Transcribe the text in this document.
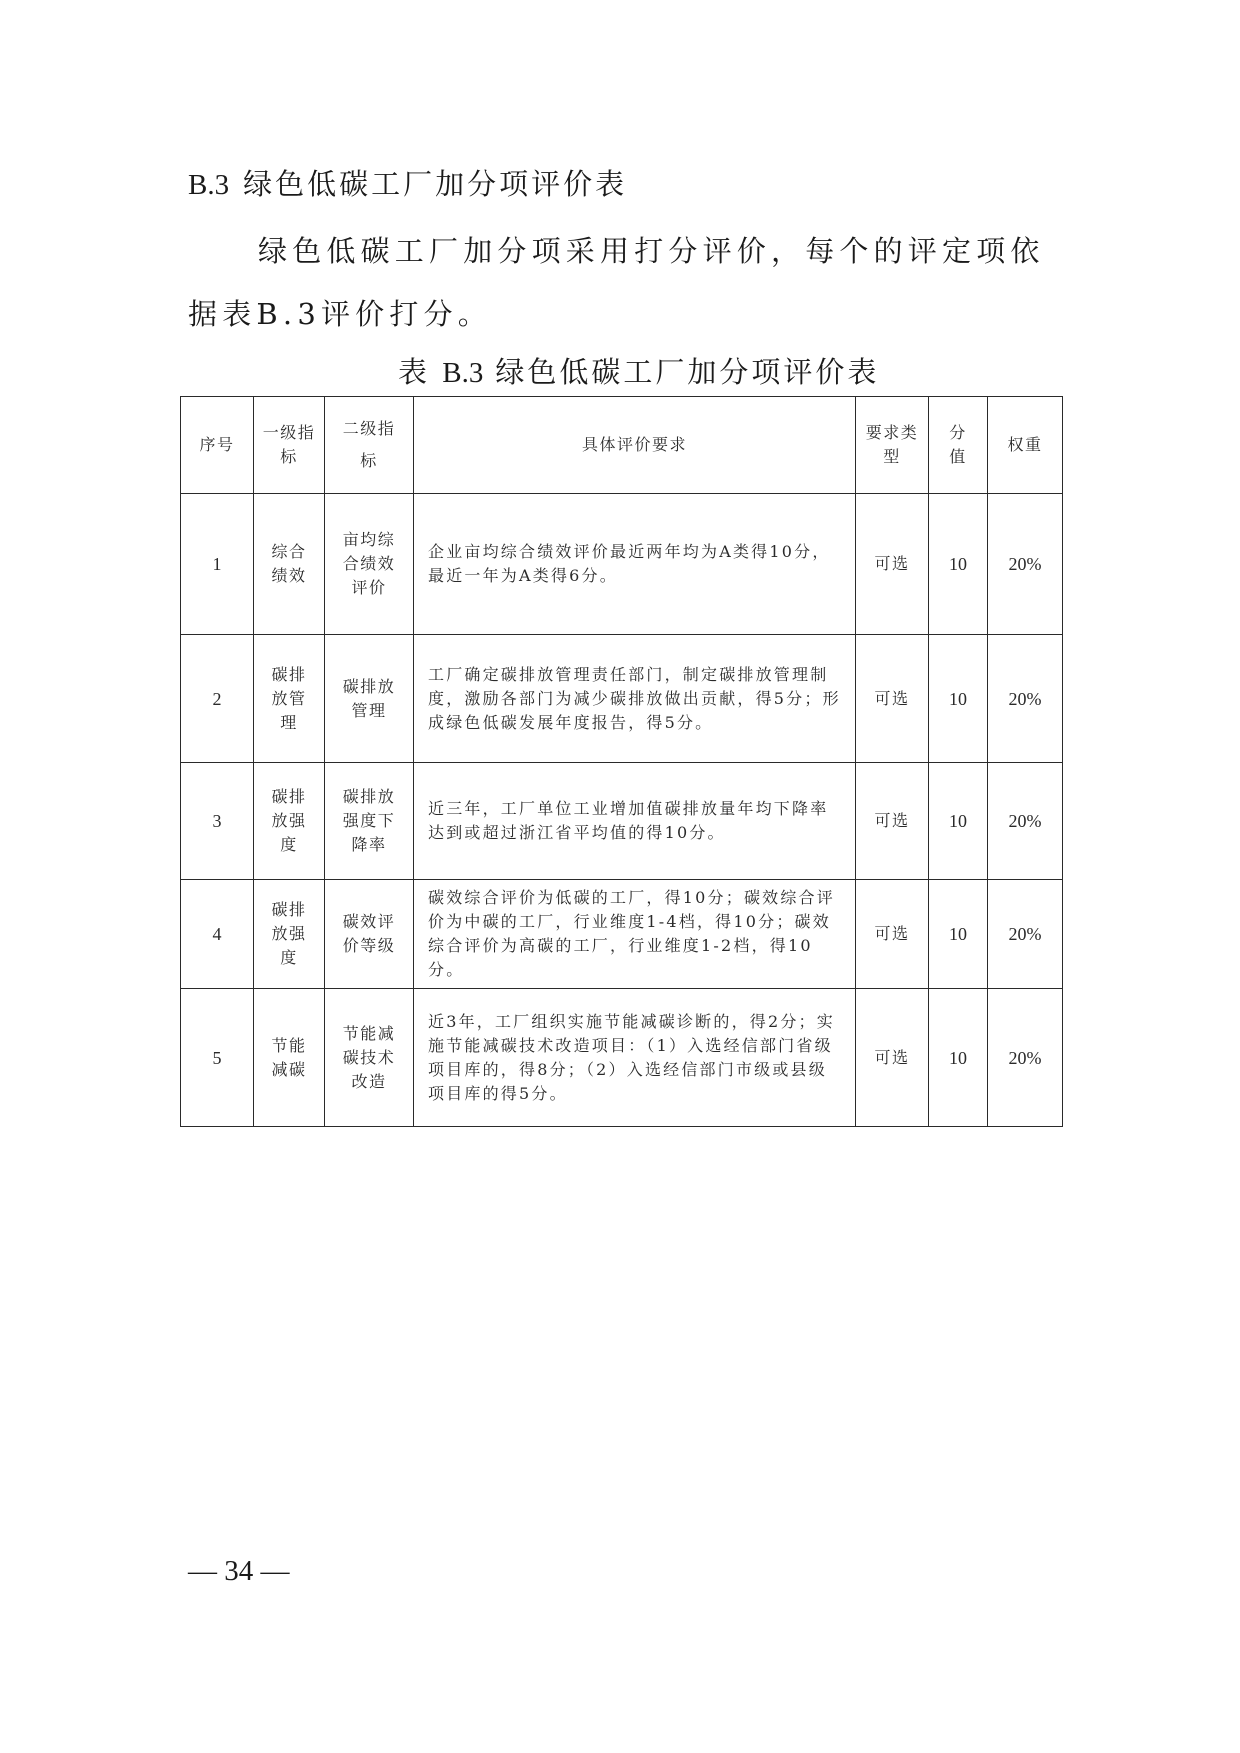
B.3 绿色低碳工厂加分项评价表
绿色低碳工厂加分项采用打分评价，每个的评定项依据表B.3评价打分。
表 B.3 绿色低碳工厂加分项评价表
序号	一级指标	二级指标	具体评价要求	要求类型	分值	权重
1	综合绩效	亩均综合绩效评价	企业亩均综合绩效评价最近两年均为A类得10分，最近一年为A类得6分。	可选	10	20%
2	碳排放管理	碳排放管理	工厂确定碳排放管理责任部门，制定碳排放管理制度，激励各部门为减少碳排放做出贡献，得5分；形成绿色低碳发展年度报告，得5分。	可选	10	20%
3	碳排放强度	碳排放强度下降率	近三年，工厂单位工业增加值碳排放量年均下降率达到或超过浙江省平均值的得10分。	可选	10	20%
4	碳排放强度	碳效评价等级	碳效综合评价为低碳的工厂，得10分；碳效综合评价为中碳的工厂，行业维度1-4档，得10分；碳效综合评价为高碳的工厂，行业维度1-2档，得10分。	可选	10	20%
5	节能减碳	节能减碳技术改造	近3年，工厂组织实施节能减碳诊断的，得2分；实施节能减碳技术改造项目：（1）入选经信部门省级项目库的，得8分；（2）入选经信部门市级或县级项目库的得5分。	可选	10	20%
— 34 —
